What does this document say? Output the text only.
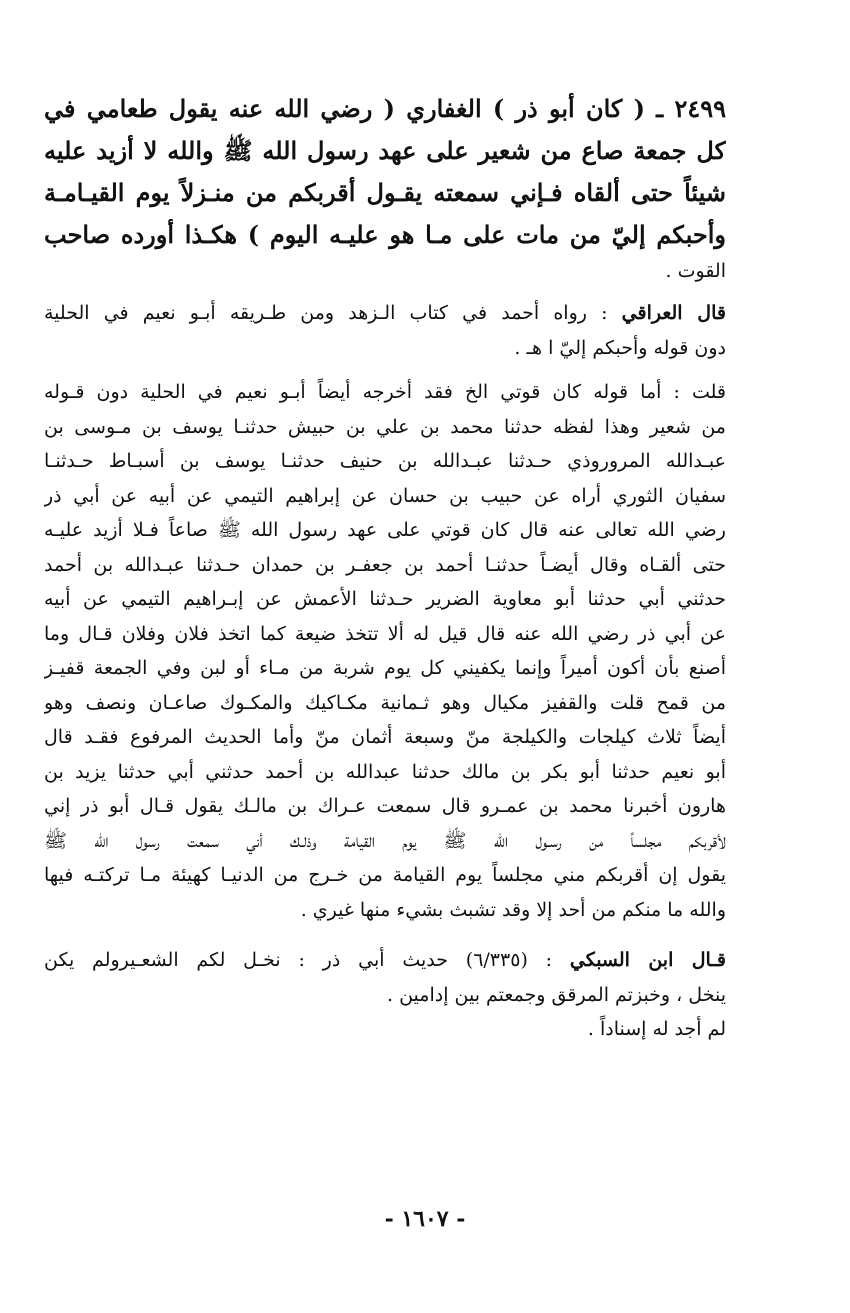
٢٤٩٩ ـ ( كان أبو ذر ) الغفاري ( رضي الله عنه يقول طعامي في
كل جمعة صاع من شعير على عهد رسول الله ﷺ والله لا أزيد عليه
شيئاً حتى ألقاه فـإني سمعته يقـول أقربكم من منـزلاً يوم القيـامـة
وأحبكم إليّ من مات على مـا هو عليـه اليوم ) هكـذا أورده صاحب
القوت .
قال العراقي : رواه أحمد في كتاب الـزهد ومن طـريقه أبـو نعيم في الحلية
دون قوله وأحبكم إليّ ا هـ .
قلت : أما قوله كان قوتي الخ فقد أخرجه أيضاً أبـو نعيم في الحلية دون قـوله
من شعير وهذا لفظه حدثنا محمد بن علي بن حبيش حدثنـا يوسف بن مـوسى بن
عبـدالله المروروذي حـدثنا عبـدالله بن حنيف حدثنـا يوسف بن أسبـاط حـدثنـا
سفيان الثوري أراه عن حبيب بن حسان عن إبراهيم التيمي عن أبيه عن أبي ذر
رضي الله تعالى عنه قال كان قوتي على عهد رسول الله ﷺ صاعاً فـلا أزيد عليـه
حتى ألقـاه وقال أيضـاً حدثنـا أحمد بن جعفـر بن حمدان حـدثنا عبـدالله بن أحمد
حدثني أبي حدثنا أبو معاوية الضرير حـدثنا الأعمش عن إبـراهيم التيمي عن أبيه
عن أبي ذر رضي الله عنه قال قيل له ألا تتخذ ضيعة كما اتخذ فلان وفلان قـال وما
أصنع بأن أكون أميراً وإنما يكفيني كل يوم شربة من مـاء أو لبن وفي الجمعة قفيـز
من قمح قلت والقفيز مكيال وهو ثـمانية مكـاكيك والمكـوك صاعـان ونصف وهو
أيضاً ثلاث كيلجات والكيلجة منّ وسبعة أثمان منّ وأما الحديث المرفوع فقـد قال
أبو نعيم حدثنا أبو بكر بن مالك حدثنا عبدالله بن أحمد حدثني أبي حدثنا يزيد بن
هارون أخبرنا محمد بن عمـرو قال سمعت عـراك بن مالـك يقول قـال أبو ذر إني
لأقربكم مجلساً من رسـول الله ﷺ يوم القيامة وذلـك أني سمعت رسول الله ﷺ
يقول إن أقربكم مني مجلساً يوم القيامة من خـرج من الدنيـا كهيئة مـا تركتـه فيها
والله ما منكم من أحد إلا وقد تشبث بشيء منها غيري .
قـال ابن السبكي : (٦/٣٣٥) حديث أبي ذر : نخـل لكم الشعـيرولم يكن
ينخل ، وخبزتم المرقق وجمعتم بين إدامين .
لم أجد له إسناداً .
- ١٦٠٧ -
